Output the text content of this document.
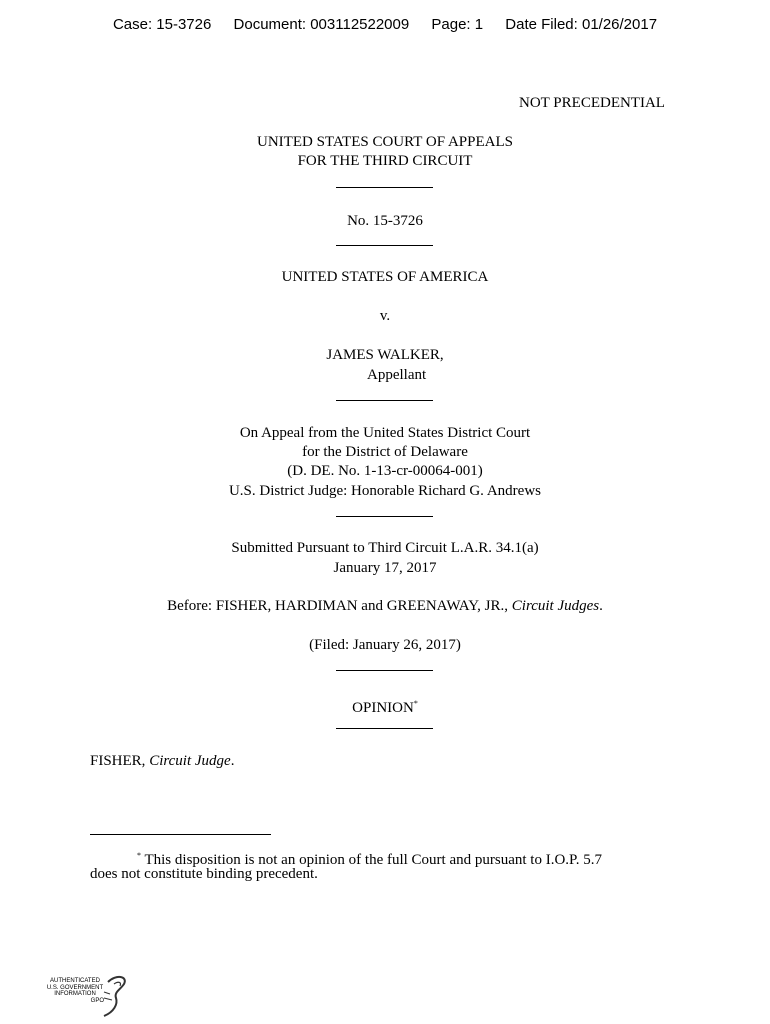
Case: 15-3726 Document: 003112522009 Page: 1 Date Filed: 01/26/2017
NOT PRECEDENTIAL
UNITED STATES COURT OF APPEALS
FOR THE THIRD CIRCUIT
No. 15-3726
UNITED STATES OF AMERICA
v.
JAMES WALKER,
Appellant
On Appeal from the United States District Court
for the District of Delaware
(D. DE. No. 1-13-cr-00064-001)
U.S. District Judge: Honorable Richard G. Andrews
Submitted Pursuant to Third Circuit L.A.R. 34.1(a)
January 17, 2017
Before: FISHER, HARDIMAN and GREENAWAY, JR., Circuit Judges.
(Filed: January 26, 2017)
OPINION*
FISHER, Circuit Judge.
* This disposition is not an opinion of the full Court and pursuant to I.O.P. 5.7
does not constitute binding precedent.
AUTHENTICATED
U.S. GOVERNMENT
INFORMATION
GPO
